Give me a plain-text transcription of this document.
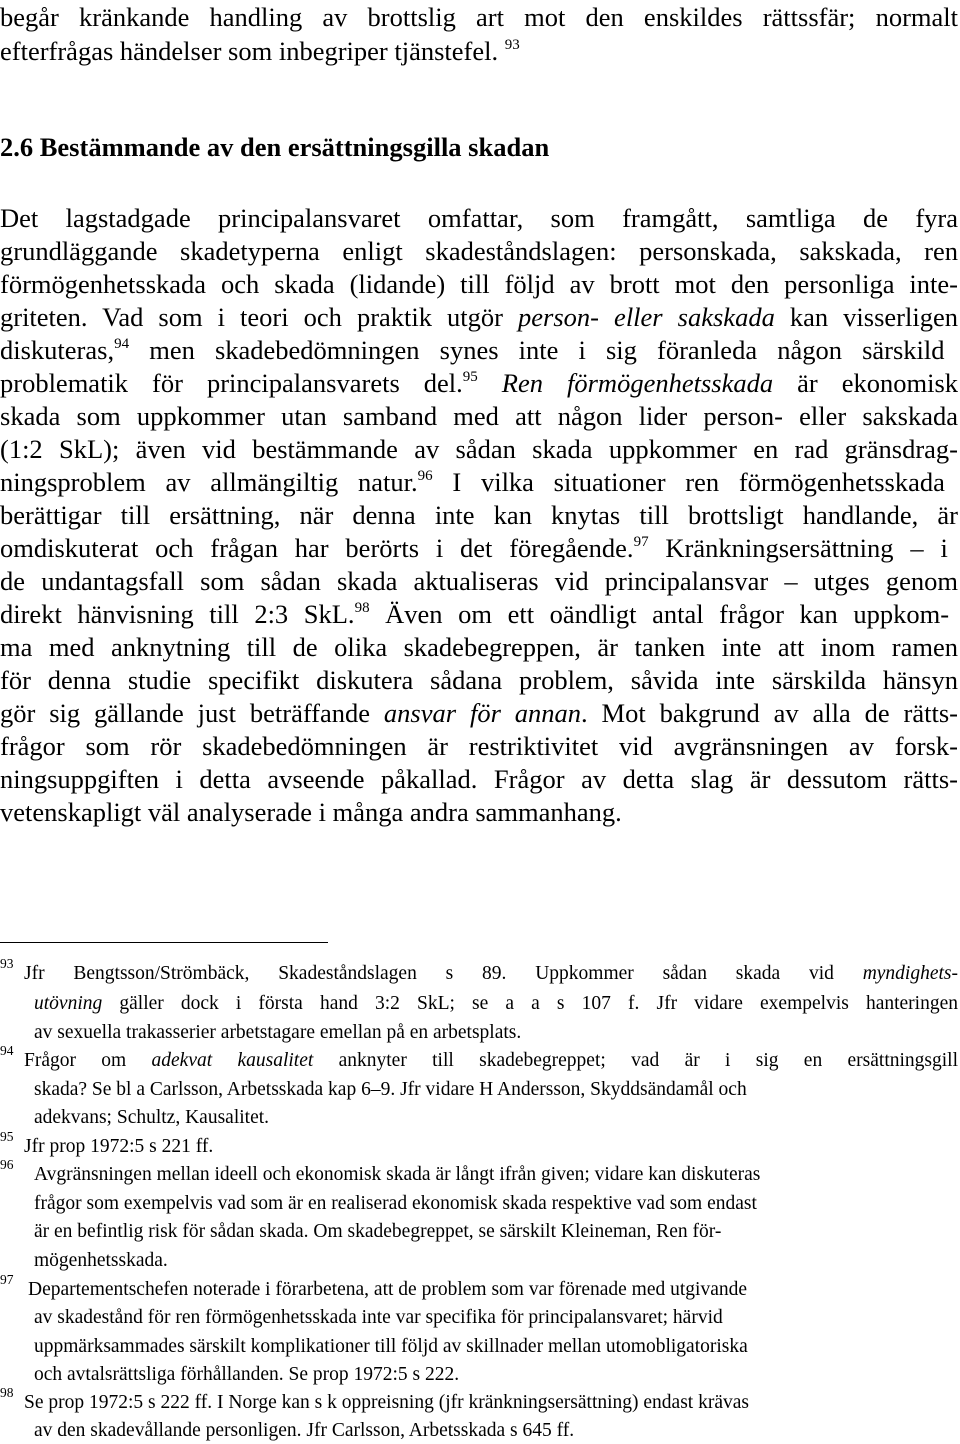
begår kränkande handling av brottslig art mot den enskildes rättssfär; normalt
efterfrågas händelser som inbegriper tjänstefel. $^{93}$
2.6 Bestämmande av den ersättningsgilla skadan
Det lagstadgade principalansvaret omfattar, som framgått, samtliga de fyra
grundläggande skadetyperna enligt skadeståndslagen: personskada, sakskada, ren
förmögenhetsskada och skada (lidande) till följd av brott mot den personliga inte-
griteten. Vad som i teori och praktik utgör person- eller sakskada kan visserligen
diskuteras,$^{94}$ men skadebedömningen synes inte i sig föranleda någon särskild
problematik för principalansvarets del.$^{95}$ Ren förmögenhetsskada är ekonomisk
skada som uppkommer utan samband med att någon lider person- eller sakskada
(1:2 SkL); även vid bestämmande av sådan skada uppkommer en rad gränsdrag-
ningsproblem av allmängiltig natur.$^{96}$ I vilka situationer ren förmögenhetsskada
berättigar till ersättning, när denna inte kan knytas till brottsligt handlande, är
omdiskuterat och frågan har berörts i det föregående.$^{97}$ Kränkningsersättning – i
de undantagsfall som sådan skada aktualiseras vid principalansvar – utges genom
direkt hänvisning till 2:3 SkL.$^{98}$ Även om ett oändligt antal frågor kan uppkom-
ma med anknytning till de olika skadebegreppen, är tanken inte att inom ramen
för denna studie specifikt diskutera sådana problem, såvida inte särskilda hänsyn
gör sig gällande just beträffande ansvar för annan. Mot bakgrund av alla de rätts-
frågor som rör skadebedömningen är restriktivitet vid avgränsningen av forsk-
ningsuppgiften i detta avseende påkallad. Frågor av detta slag är dessutom rätts-
vetenskapligt väl analyserade i många andra sammanhang.
93 Jfr Bengtsson/Strömbäck, Skadeståndslagen s 89. Uppkommer sådan skada vid myndighets-
utövning gäller dock i första hand 3:2 SkL; se a a s 107 f. Jfr vidare exempelvis hanteringen
av sexuella trakasserier arbetstagare emellan på en arbetsplats.
94 Frågor om adekvat kausalitet anknyter till skadebegreppet; vad är i sig en ersättningsgill
skada? Se bl a Carlsson, Arbetsskada kap 6–9. Jfr vidare H Andersson, Skyddsändamål och
adekvans; Schultz, Kausalitet.
95 Jfr prop 1972:5 s 221 ff.
96 Avgränsningen mellan ideell och ekonomisk skada är långt ifrån given; vidare kan diskuteras
frågor som exempelvis vad som är en realiserad ekonomisk skada respektive vad som endast
är en befintlig risk för sådan skada. Om skadebegreppet, se särskilt Kleineman, Ren för-
mögenhetsskada.
97 Departementschefen noterade i förarbetena, att de problem som var förenade med utgivande
av skadestånd för ren förmögenhetsskada inte var specifika för principalansvaret; härvid
uppmärksammades särskilt komplikationer till följd av skillnader mellan utomobligatoriska
och avtalsrättsliga förhållanden. Se prop 1972:5 s 222.
98 Se prop 1972:5 s 222 ff. I Norge kan s k oppreisning (jfr kränkningsersättning) endast krävas
av den skadevållande personligen. Jfr Carlsson, Arbetsskada s 645 ff.
